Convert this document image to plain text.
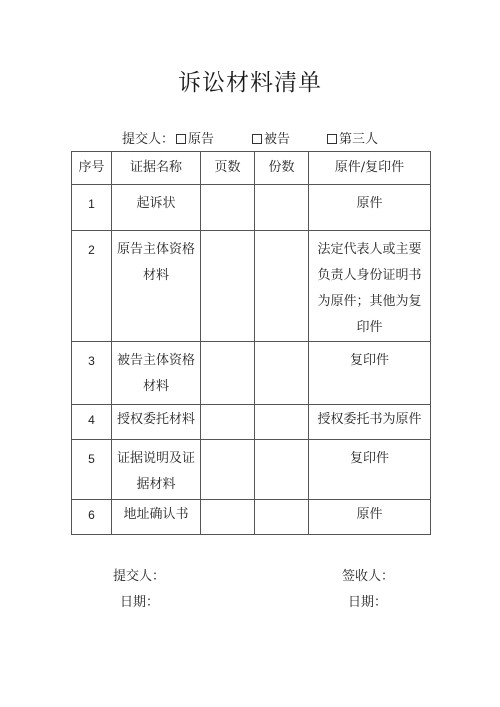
诉讼材料清单
提交人：	原告	被告	第三人
序号	证据名称	页数	份数	原件/复印件

1	起诉状			原件

2	原告主体资格材料			法定代表人或主要负责人身份证明书为原件；其他为复印件

3	被告主体资格材料			复印件

4	授权委托材料			授权委托书为原件

5	证据说明及证据材料			复印件

6	地址确认书			原件
提交人：	签收人：
日期：	日期：
